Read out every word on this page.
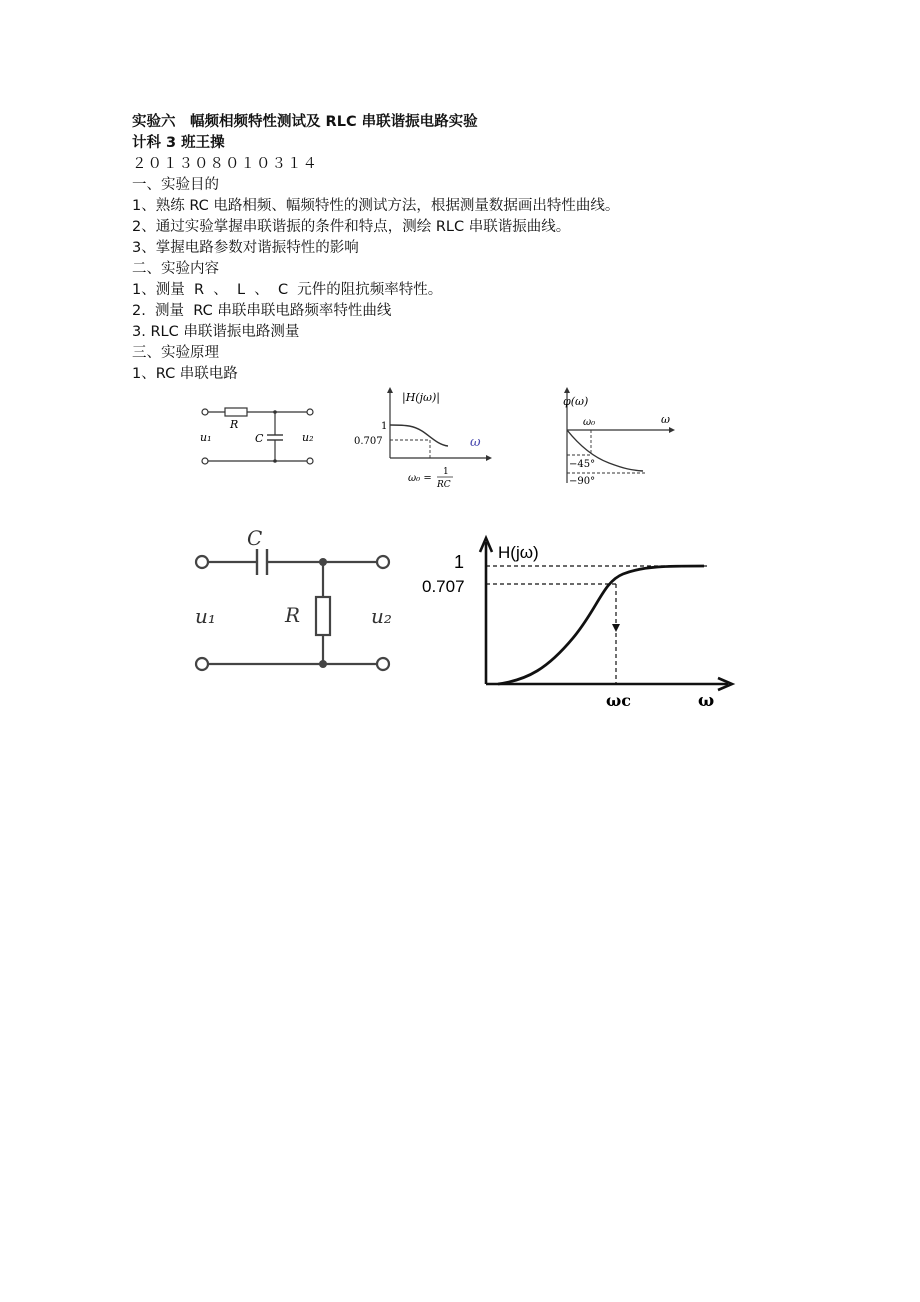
实验六　幅频相频特性测试及 RLC 串联谐振电路实验
计科 3 班王操
２０１３０８０１０３１４
一、实验目的
1、熟练 RC 电路相频、幅频特性的测试方法，根据测量数据画出特性曲线。
2、通过实验掌握串联谐振的条件和特点，测绘 RLC 串联谐振曲线。
3、掌握电路参数对谐振特性的影响
二、实验内容
1、测量  R  、  L  、  C  元件的阻抗频率特性。
2.  测量  RC 串联串联电路频率特性曲线
3. RLC 串联谐振电路测量
三、实验原理
1、RC 串联电路
R
C
u₁	u₂
|H(jω)|
1
0.707	ω
ω₀ =
1
RC
φ(ω)
ω
ω₀
−45°
−90°
C
R
u₁	u₂
1
0.707
H(jω)
ωc	ω
